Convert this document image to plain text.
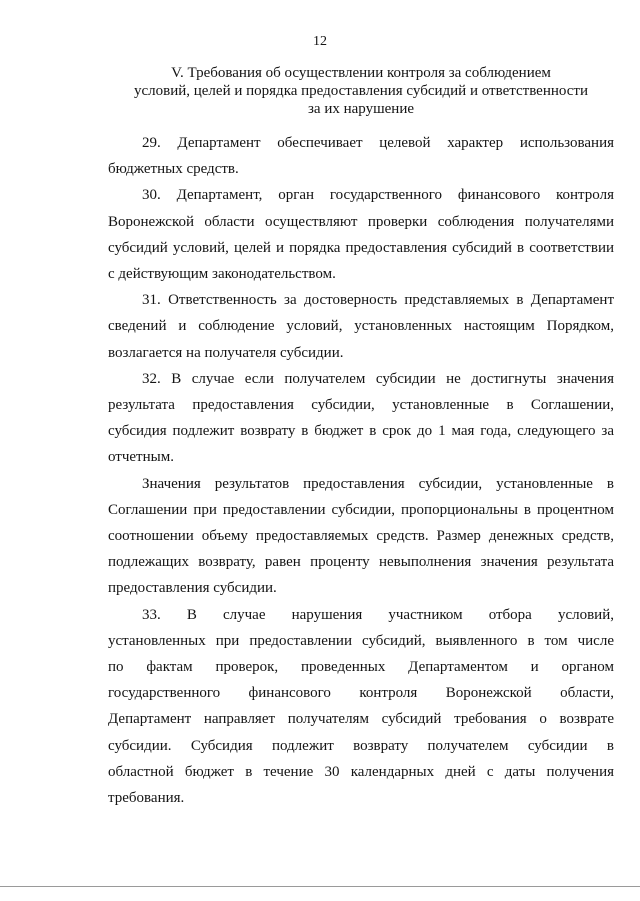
12
V. Требования об осуществлении контроля за соблюдением
условий, целей и порядка предоставления субсидий и ответственности
за их нарушение

29. Департамент обеспечивает целевой характер использования
бюджетных средств.

30. Департамент, орган государственного финансового контроля
Воронежской области осуществляют проверки соблюдения получателями
субсидий условий, целей и порядка предоставления субсидий в соответствии
с действующим законодательством.

31. Ответственность за достоверность представляемых в Департамент
сведений и соблюдение условий, установленных настоящим Порядком,
возлагается на получателя субсидии.

32. В случае если получателем субсидии не достигнуты значения
результата предоставления субсидии, установленные в Соглашении,
субсидия подлежит возврату в бюджет в срок до 1 мая года, следующего за
отчетным.

Значения результатов предоставления субсидии, установленные в
Соглашении при предоставлении субсидии, пропорциональны в процентном
соотношении объему предоставляемых средств. Размер денежных средств,
подлежащих возврату, равен проценту невыполнения значения результата
предоставления субсидии.

33. В случае нарушения участником отбора условий,
установленных при предоставлении субсидий, выявленного в том числе
по фактам проверок, проведенных Департаментом и органом
государственного финансового контроля Воронежской области,
Департамент направляет получателям субсидий требования о возврате
субсидии. Субсидия подлежит возврату получателем субсидии в
областной бюджет в течение 30 календарных дней с даты получения
требования.
